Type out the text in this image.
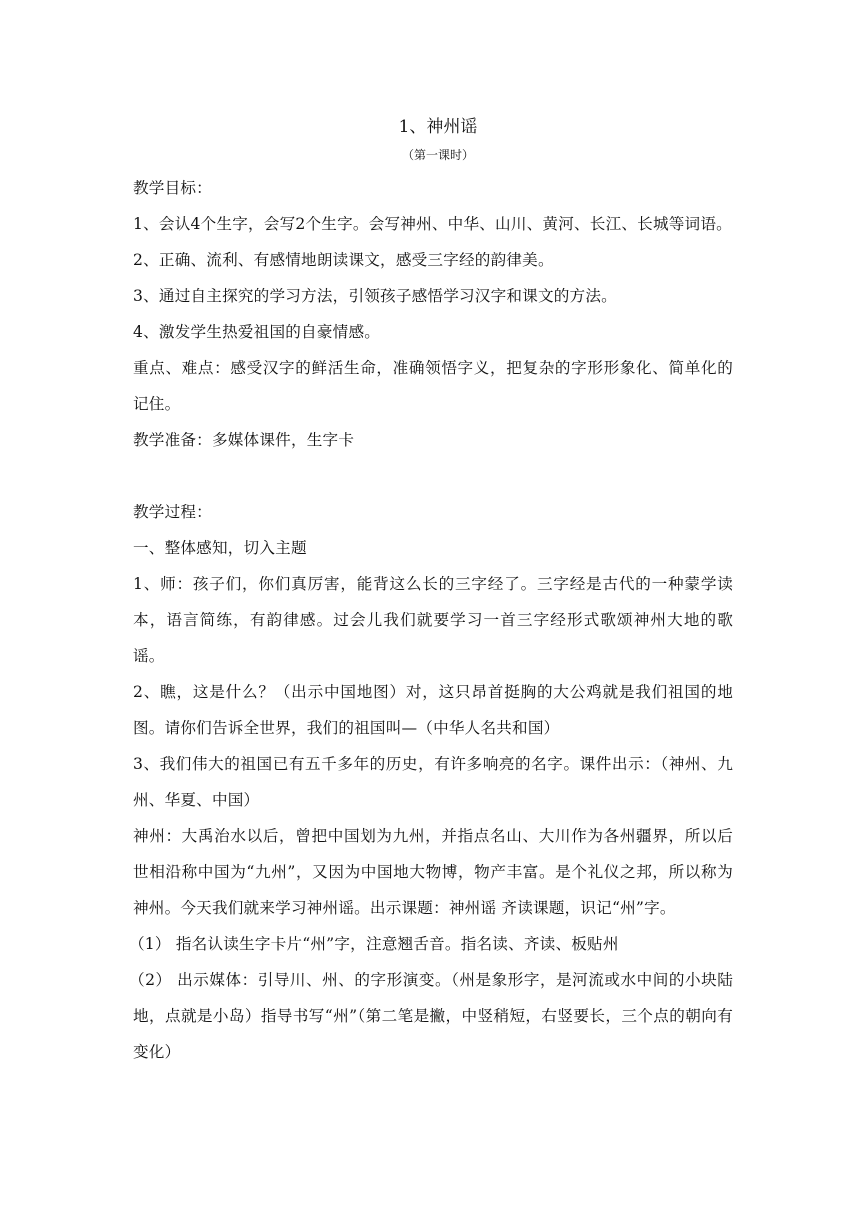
1、神州谣

（第一课时）

教学目标：

1、会认4个生字，会写2个生字。会写神州、中华、山川、黄河、长江、长城等词语。

2、正确、流利、有感情地朗读课文，感受三字经的韵律美。

3、通过自主探究的学习方法，引领孩子感悟学习汉字和课文的方法。

4、激发学生热爱祖国的自豪情感。

重点、难点：感受汉字的鲜活生命，准确领悟字义，把复杂的字形形象化、简单化的记住。

教学准备：多媒体课件，生字卡

教学过程：

一、整体感知，切入主题

1、师：孩子们，你们真厉害，能背这么长的三字经了。三字经是古代的一种蒙学读本，语言简练，有韵律感。过会儿我们就要学习一首三字经形式歌颂神州大地的歌谣。

2、瞧，这是什么？（出示中国地图）对，这只昂首挺胸的大公鸡就是我们祖国的地图。请你们告诉全世界，我们的祖国叫—（中华人名共和国）

3、我们伟大的祖国已有五千多年的历史，有许多响亮的名字。课件出示：（神州、九州、华夏、中国）

神州：大禹治水以后，曾把中国划为九州，并指点名山、大川作为各州疆界，所以后世相沿称中国为“九州”，又因为中国地大物博，物产丰富。是个礼仪之邦，所以称为神州。今天我们就来学习神州谣。出示课题：神州谣 齐读课题，识记“州”字。

（1） 指名认读生字卡片“州”字，注意翘舌音。指名读、齐读、板贴州

（2） 出示媒体：引导川、州、的字形演变。（州是象形字，是河流或水中间的小块陆地，点就是小岛）指导书写“州”（第二笔是撇，中竖稍短，右竖要长，三个点的朝向有变化）
